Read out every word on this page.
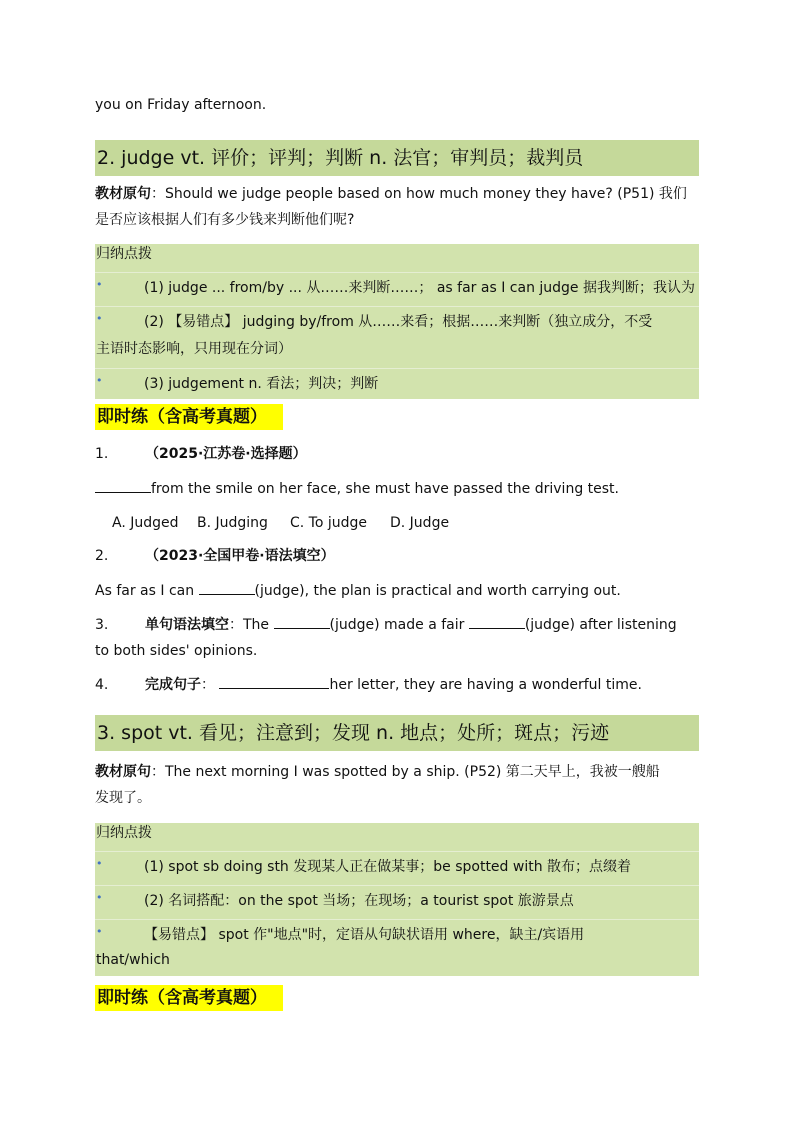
you on Friday afternoon.
2. judge vt. 评价；评判；判断 n. 法官；审判员；裁判员
教材原句：Should we judge people based on how much money they have? (P51) 我们
是否应该根据人们有多少钱来判断他们呢?
归纳点拨
•	(1) judge ... from/by ... 从……来判断……； as far as I can judge 据我判断；我认为
•	(2) 【易错点】 judging by/from 从……来看；根据……来判断（独立成分，不受
主语时态影响，只用现在分词）
•	(3) judgement n. 看法；判决；判断
即时练（含高考真题）
1.	（2025·江苏卷·选择题）
from the smile on her face, she must have passed the driving test.
A. Judged B. Judging C. To judge D. Judge
2.	（2023·全国甲卷·语法填空）
As far as I can	(judge), the plan is practical and worth carrying out.
3.	单句语法填空：The	(judge) made a fair	(judge) after listening
to both sides' opinions.
4.	完成句子：	her letter, they are having a wonderful time.
3. spot vt. 看见；注意到；发现 n. 地点；处所；斑点；污迹
教材原句：The next morning I was spotted by a ship. (P52) 第二天早上，我被一艘船
发现了。
归纳点拨
•	(1) spot sb doing sth 发现某人正在做某事；be spotted with 散布；点缀着
•	(2) 名词搭配：on the spot 当场；在现场；a tourist spot 旅游景点
•	【易错点】 spot 作"地点"时，定语从句缺状语用 where，缺主/宾语用
that/which
即时练（含高考真题）
